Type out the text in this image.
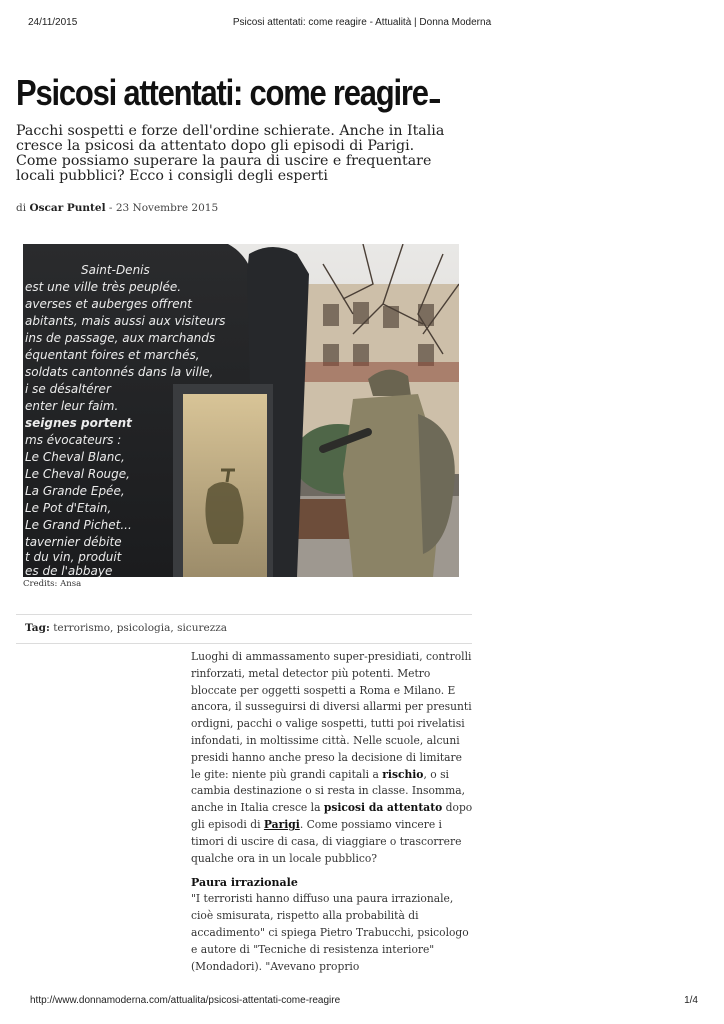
24/11/2015	Psicosi attentati: come reagire - Attualità | Donna Moderna
Psicosi attentati: come reagire

Pacchi sospetti e forze dell'ordine schierate. Anche in Italia cresce la psicosi da attentato dopo gli episodi di Parigi. Come possiamo superare la paura di uscire e frequentare locali pubblici? Ecco i consigli degli esperti

di Oscar Puntel - 23 Novembre 2015
Saint-Denis
est une ville très peuplée.
averses et auberges offrent
abitants, mais aussi aux visiteurs
ins de passage, aux marchands
équentant foires et marchés,
soldats cantonnés dans la ville,
i se désaltérer
enter leur faim.
seignes portent
ms évocateurs :
Le Cheval Blanc,
Le Cheval Rouge,
La Grande Epée,
Le Pot d'Etain,
Le Grand Pichet...
tavernier débite
t du vin, produit
es de l'abbaye
Credits: Ansa
Tag: terrorismo, psicologia, sicurezza

Luoghi di ammassamento super-presidiati, controlli rinforzati, metal detector più potenti. Metro bloccate per oggetti sospetti a Roma e Milano. E ancora, il susseguirsi di diversi allarmi per presunti ordigni, pacchi o valige sospetti, tutti poi rivelatisi infondati, in moltissime città. Nelle scuole, alcuni presidi hanno anche preso la decisione di limitare le gite: niente più grandi capitali a rischio, o si cambia destinazione o si resta in classe. Insomma, anche in Italia cresce la psicosi da attentato dopo gli episodi di Parigi. Come possiamo vincere i timori di uscire di casa, di viaggiare o trascorrere qualche ora in un locale pubblico?

Paura irrazionale

"I terroristi hanno diffuso una paura irrazionale, cioè smisurata, rispetto alla probabilità di accadimento" ci spiega Pietro Trabucchi, psicologo e autore di "Tecniche di resistenza interiore" (Mondadori). "Avevano proprio

http://www.donnamoderna.com/attualita/psicosi-attentati-come-reagire	1/4
